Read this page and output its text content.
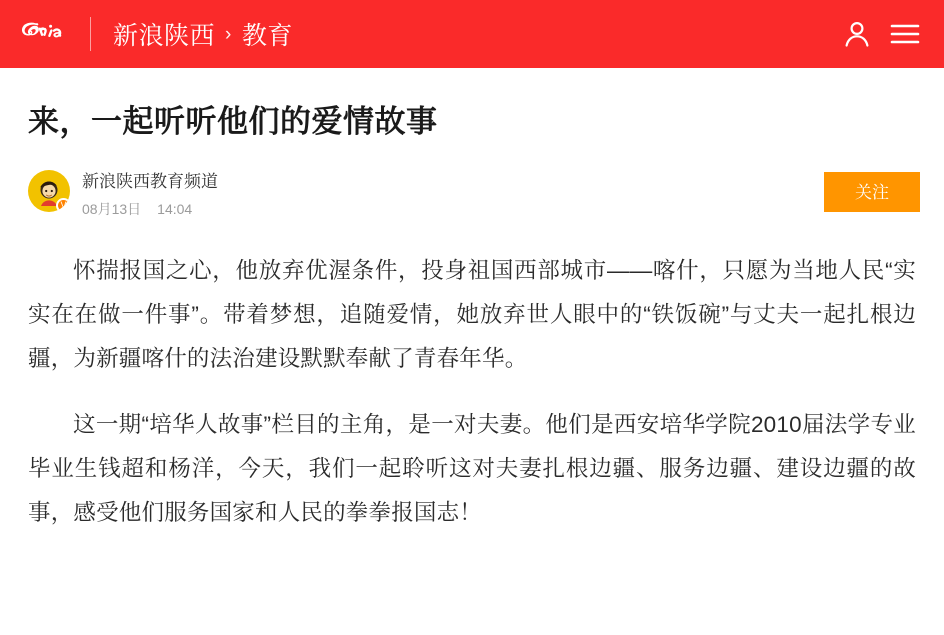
新浪陕西 › 教育
来，一起听听他们的爱情故事
V
新浪陕西教育频道
08月13日 14:04
关注

怀揣报国之心，他放弃优渥条件，投身祖国西部城市——喀什，只愿为当地人民“实实在在做一件事”。带着梦想，追随爱情，她放弃世人眼中的“铁饭碗”与丈夫一起扎根边疆，为新疆喀什的法治建设默默奉献了青春年华。

这一期“培华人故事”栏目的主角，是一对夫妻。他们是西安培华学院2010届法学专业毕业生钱超和杨洋，今天，我们一起聆听这对夫妻扎根边疆、服务边疆、建设边疆的故事，感受他们服务国家和人民的拳拳报国志！
